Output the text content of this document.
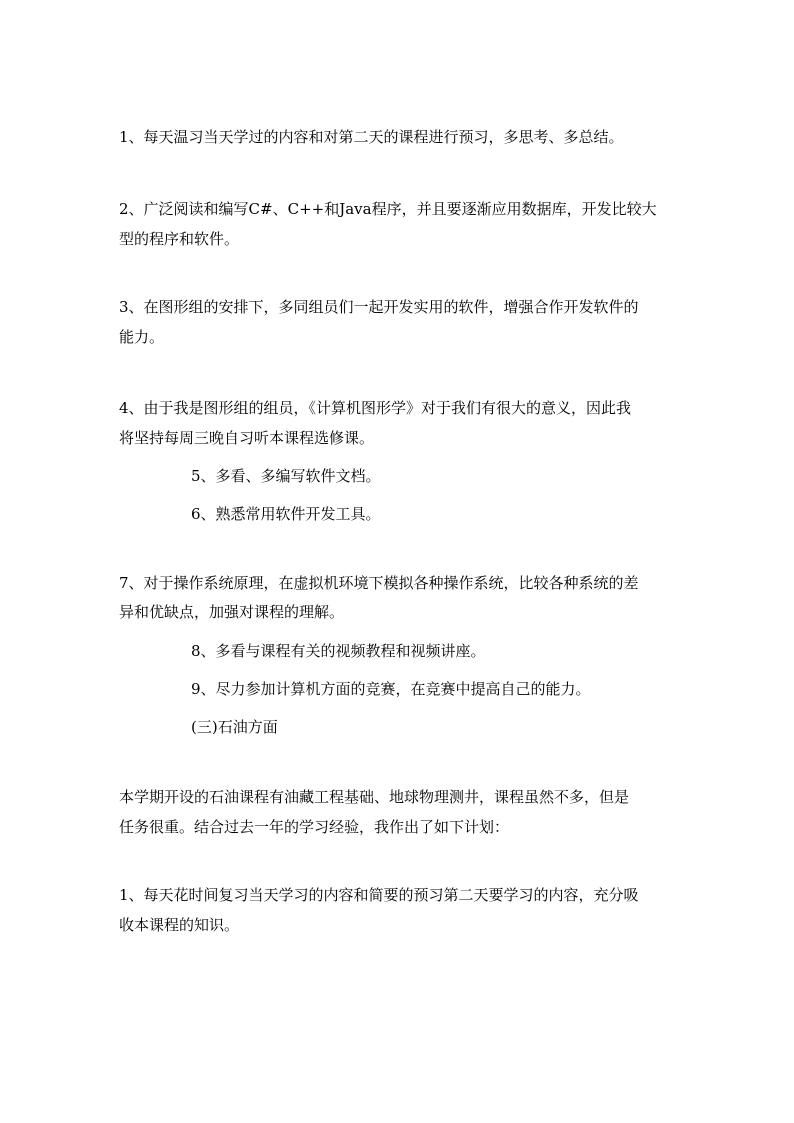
1、每天温习当天学过的内容和对第二天的课程进行预习，多思考、多总结。
2、广泛阅读和编写C#、C++和Java程序，并且要逐渐应用数据库，开发比较大
型的程序和软件。
3、在图形组的安排下，多同组员们一起开发实用的软件，增强合作开发软件的
能力。
4、由于我是图形组的组员，《计算机图形学》对于我们有很大的意义，因此我
将坚持每周三晚自习听本课程选修课。
5、多看、多编写软件文档。
6、熟悉常用软件开发工具。
7、对于操作系统原理，在虚拟机环境下模拟各种操作系统，比较各种系统的差
异和优缺点，加强对课程的理解。
8、多看与课程有关的视频教程和视频讲座。
9、尽力参加计算机方面的竞赛，在竞赛中提高自己的能力。
(三)石油方面
本学期开设的石油课程有油藏工程基础、地球物理测井，课程虽然不多，但是
任务很重。结合过去一年的学习经验，我作出了如下计划：
1、每天花时间复习当天学习的内容和简要的预习第二天要学习的内容，充分吸
收本课程的知识。
